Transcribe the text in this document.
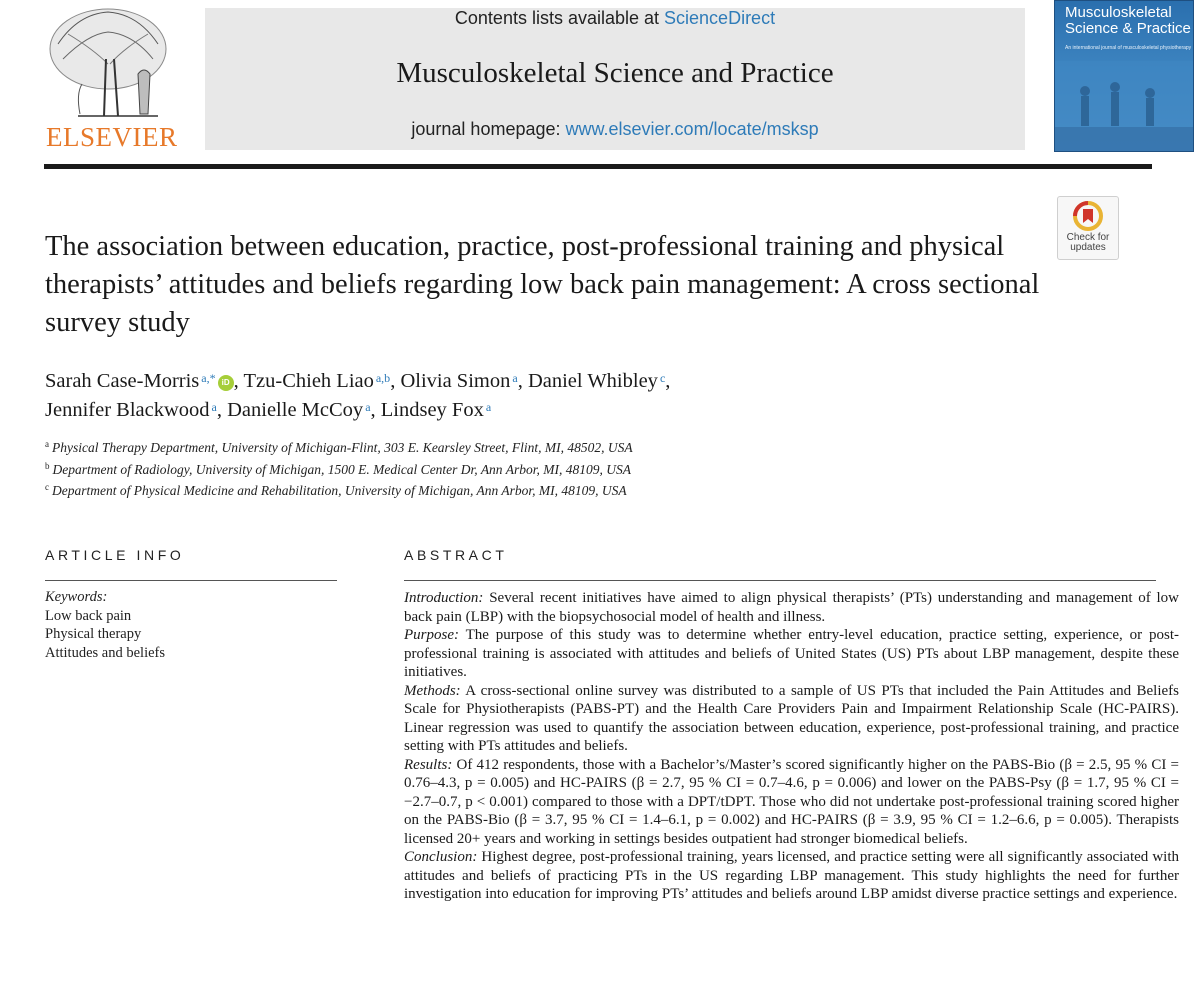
ELSEVIER
Contents lists available at ScienceDirect
Musculoskeletal Science and Practice
journal homepage: www.elsevier.com/locate/msksp
Musculoskeletal Science & Practice
An international journal of musculoskeletal physiotherapy
Check for updates
The association between education, practice, post-professional training and physical therapists’ attitudes and beliefs regarding low back pain management: A cross sectional survey study
Sarah Case-Morris $^{a,*}$ iD , Tzu-Chieh Liao $^{a,b}$, Olivia Simon $^a$, Daniel Whibley $^c$,
Jennifer Blackwood $^a$, Danielle McCoy $^a$, Lindsey Fox $^a$
$^a$ Physical Therapy Department, University of Michigan-Flint, 303 E. Kearsley Street, Flint, MI, 48502, USA
$^b$ Department of Radiology, University of Michigan, 1500 E. Medical Center Dr, Ann Arbor, MI, 48109, USA
$^c$ Department of Physical Medicine and Rehabilitation, University of Michigan, Ann Arbor, MI, 48109, USA
ARTICLE INFO	ABSTRACT
Keywords:
Low back pain
Physical therapy
Attitudes and beliefs

Introduction: Several recent initiatives have aimed to align physical therapists’ (PTs) understanding and management of low back pain (LBP) with the biopsychosocial model of health and illness.

Purpose: The purpose of this study was to determine whether entry-level education, practice setting, experience, or post-professional training is associated with attitudes and beliefs of United States (US) PTs about LBP management, despite these initiatives.

Methods: A cross-sectional online survey was distributed to a sample of US PTs that included the Pain Attitudes and Beliefs Scale for Physiotherapists (PABS-PT) and the Health Care Providers Pain and Impairment Relationship Scale (HC-PAIRS). Linear regression was used to quantify the association between education, experience, post-professional training, and practice setting with PTs attitudes and beliefs.

Results: Of 412 respondents, those with a Bachelor’s/Master’s scored significantly higher on the PABS-Bio (β = 2.5, 95 % CI = 0.76–4.3, p = 0.005) and HC-PAIRS (β = 2.7, 95 % CI = 0.7–4.6, p = 0.006) and lower on the PABS-Psy (β = 1.7, 95 % CI = −2.7–0.7, p < 0.001) compared to those with a DPT/tDPT. Those who did not undertake post-professional training scored higher on the PABS-Bio (β = 3.7, 95 % CI = 1.4–6.1, p = 0.002) and HC-PAIRS (β = 3.9, 95 % CI = 1.2–6.6, p = 0.005). Therapists licensed 20+ years and working in settings besides outpatient had stronger biomedical beliefs.

Conclusion: Highest degree, post-professional training, years licensed, and practice setting were all significantly associated with attitudes and beliefs of practicing PTs in the US regarding LBP management. This study highlights the need for further investigation into education for improving PTs’ attitudes and beliefs around LBP amidst diverse practice settings and experience.
